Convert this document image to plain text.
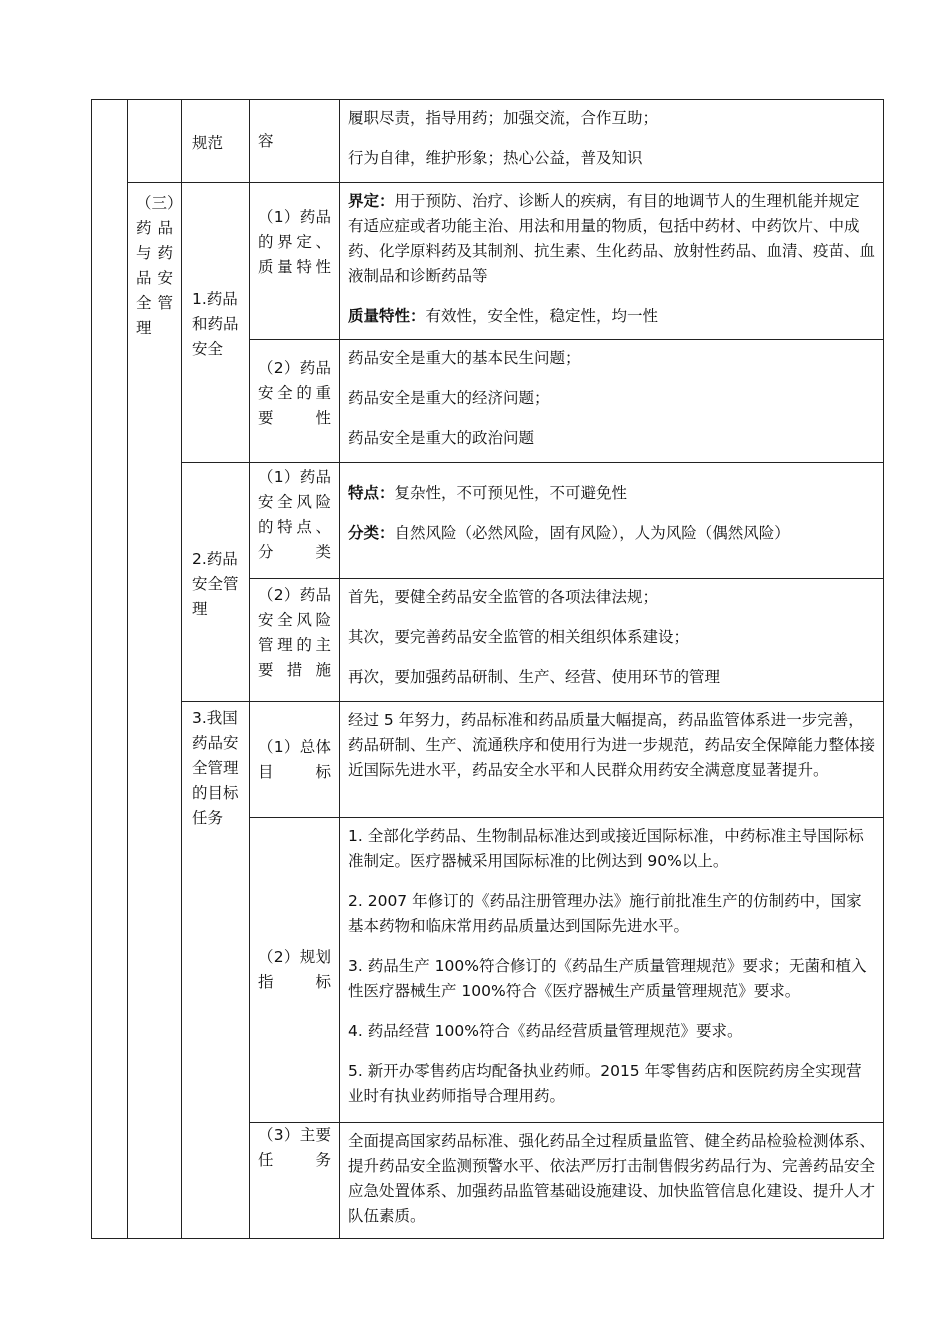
		规范	容	履职尽责，指导用药；加强交流，合作互助；

行为自律，维护形象；热心公益，普及知识

	（三）药品与药品安全管理	1.药品和药品安全	（1）药品的界定、质量特性	界定：用于预防、治疗、诊断人的疾病，有目的地调节人的生理机能并规定有适应症或者功能主治、用法和用量的物质，包括中药材、中药饮片、中成药、化学原料药及其制剂、抗生素、生化药品、放射性药品、血清、疫苗、血液制品和诊断药品等

质量特性：有效性，安全性，稳定性，均一性

			（2）药品安全的重要性	药品安全是重大的基本民生问题；

药品安全是重大的经济问题；

药品安全是重大的政治问题

		2.药品安全管理	（1）药品安全风险的特点、分类	特点：复杂性，不可预见性，不可避免性

分类：自然风险（必然风险，固有风险），人为风险（偶然风险）

			（2）药品安全风险管理的主要措施	首先，要健全药品安全监管的各项法律法规；

其次，要完善药品安全监管的相关组织体系建设；

再次，要加强药品研制、生产、经营、使用环节的管理

		3.我国药品安全管理的目标任务	（1）总体目标	经过 5 年努力，药品标准和药品质量大幅提高，药品监管体系进一步完善，药品研制、生产、流通秩序和使用行为进一步规范，药品安全保障能力整体接近国际先进水平，药品安全水平和人民群众用药安全满意度显著提升。

			（2）规划指标	1. 全部化学药品、生物制品标准达到或接近国际标准，中药标准主导国际标准制定。医疗器械采用国际标准的比例达到 90%以上。

2. 2007 年修订的《药品注册管理办法》施行前批准生产的仿制药中，国家基本药物和临床常用药品质量达到国际先进水平。

3. 药品生产 100%符合修订的《药品生产质量管理规范》要求；无菌和植入性医疗器械生产 100%符合《医疗器械生产质量管理规范》要求。

4. 药品经营 100%符合《药品经营质量管理规范》要求。

5. 新开办零售药店均配备执业药师。2015 年零售药店和医院药房全实现营业时有执业药师指导合理用药。

			（3）主要任务	全面提高国家药品标准、强化药品全过程质量监管、健全药品检验检测体系、提升药品安全监测预警水平、依法严厉打击制售假劣药品行为、完善药品安全应急处置体系、加强药品监管基础设施建设、加快监管信息化建设、提升人才队伍素质。
